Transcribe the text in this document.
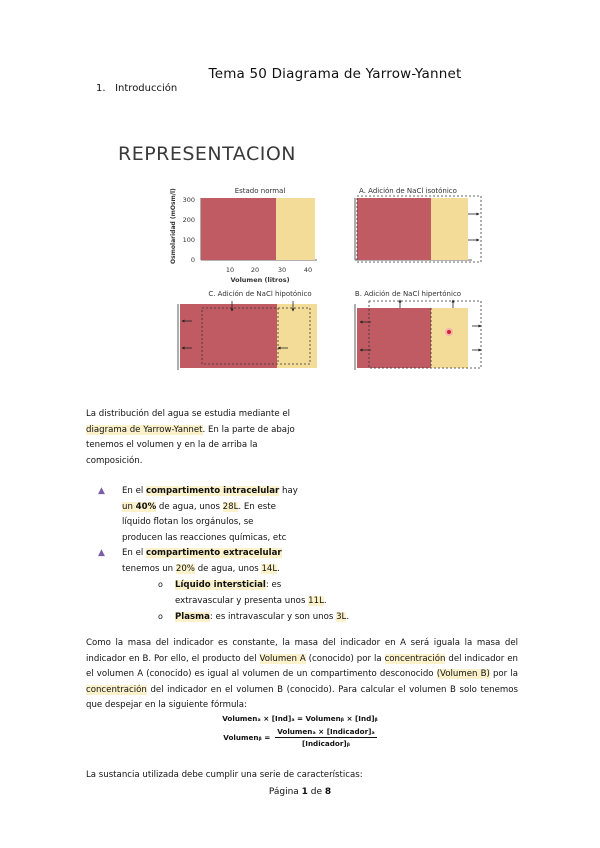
Tema 50 Diagrama de Yarrow-Yannet
1. Introducción
REPRESENTACION
Estado normal
Osmolaridad (mOsm/l) 300
200
100
0
10	20	30	40
Volumen (litros)
A. Adición de NaCl isotónico
C. Adición de NaCl hipotónico	B. Adición de NaCl hipertónico
La distribución del agua se estudia mediante el diagrama de Yarrow-Yannet. En la parte de abajo tenemos el volumen y en la de arriba la composición.
▲	En el compartimento intracelular hay
un 40% de agua, unos 28L. En este
líquido flotan los orgánulos, se
producen las reacciones químicas, etc
▲	En el compartimento extracelular
tenemos un 20% de agua, unos 14L.
o Líquido intersticial: es
extravascular y presenta unos 11L.
o Plasma: es intravascular y son unos 3L.
Como la masa del indicador es constante, la masa del indicador en A será iguala la masa del indicador en B. Por ello, el producto del Volumen A (conocido) por la concentración del indicador en el volumen A (conocido) es igual al volumen de un compartimento desconocido (Volumen B) por la concentración del indicador en el volumen B (conocido). Para calcular el volumen B solo tenemos que despejar en la siguiente fórmula:
Volumenₐ × [Ind]ₐ = Volumenᵦ × [Ind]ᵦ
Volumenᵦ =
Volumenₐ × [Indicador]ₐ
[Indicador]ᵦ
La sustancia utilizada debe cumplir una serie de características:
Página 1 de 8
